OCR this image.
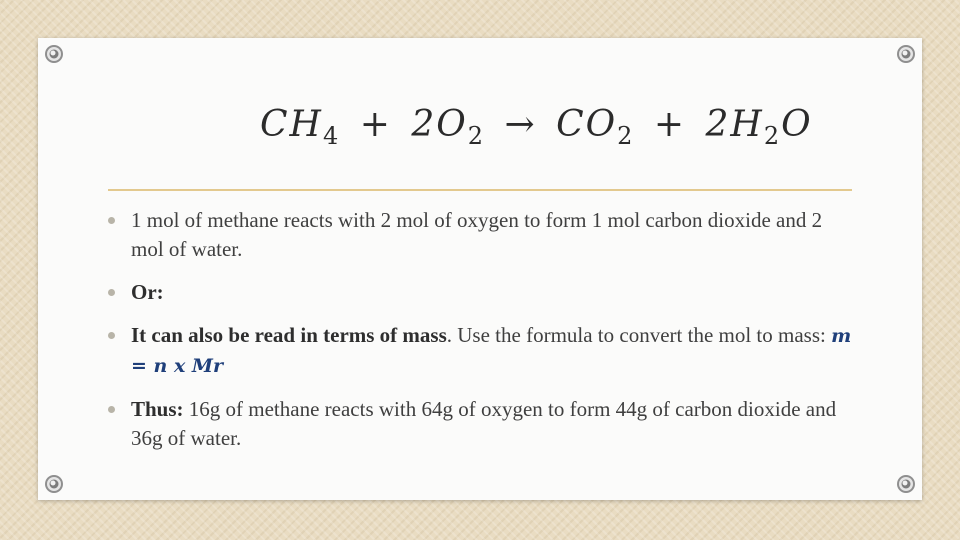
$CH_4 + 2O_2 \to CO_2 + 2H_2O$
1 mol of methane reacts with 2 mol of oxygen to form 1 mol carbon dioxide and 2 mol of water.
Or:
It can also be read in terms of mass. Use the formula to convert the mol to mass: m = n x Mr
Thus: 16g of methane reacts with 64g of oxygen to form 44g of carbon dioxide and 36g of water.
